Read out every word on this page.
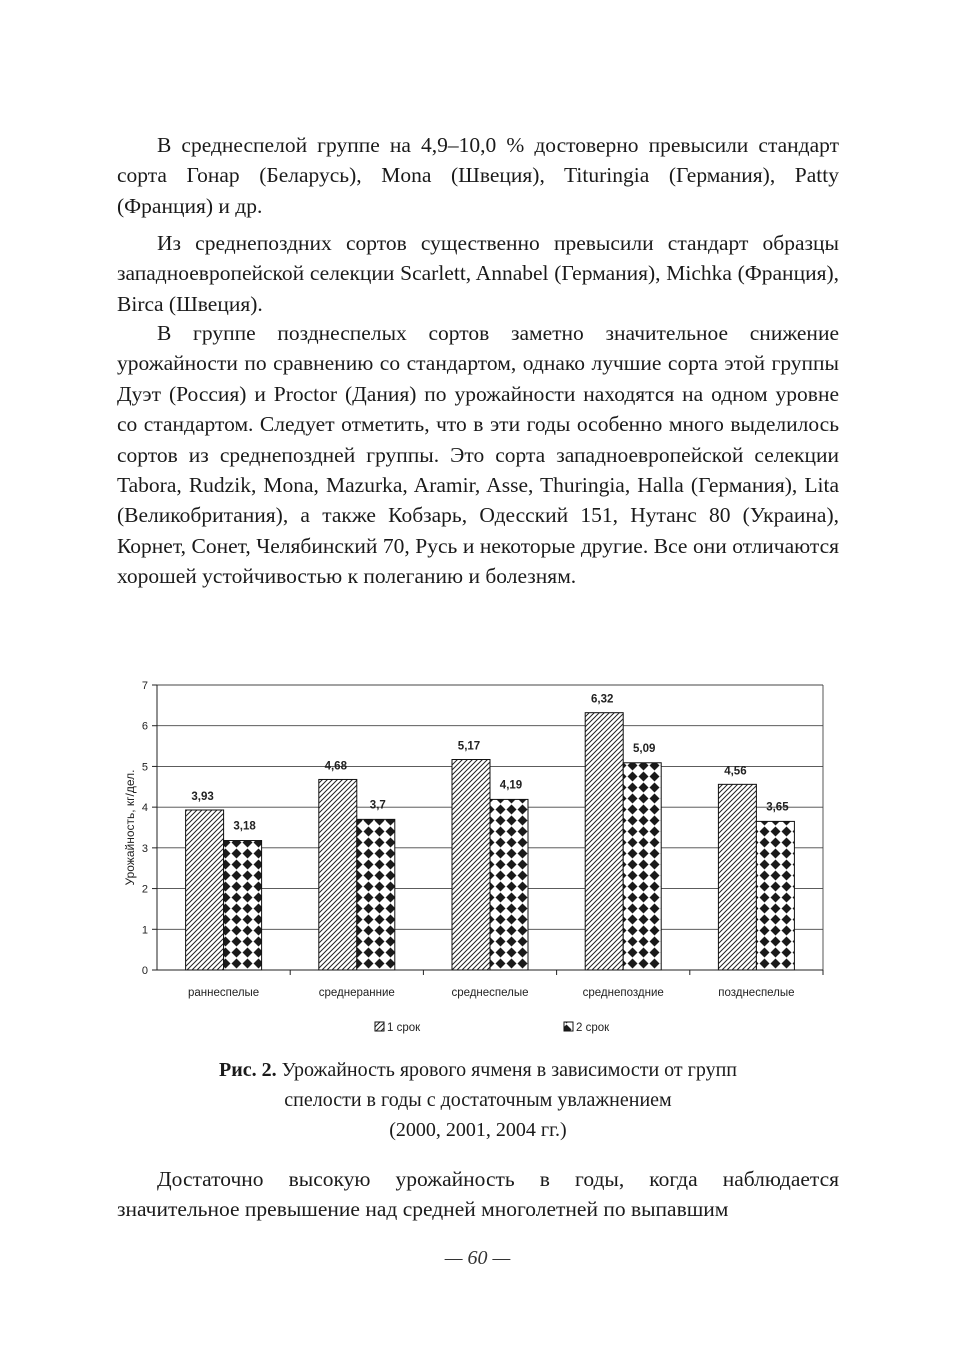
В среднеспелой группе на 4,9–10,0 % достоверно превысили стандарт сорта Гонар (Беларусь), Mona (Швеция), Tituringia (Германия), Patty (Франция) и др.

Из среднепоздних сортов существенно превысили стандарт образцы западноевропейской селекции Scarlett, Annabel (Германия), Michka (Франция), Birca (Швеция).

В группе позднеспелых сортов заметно значительное снижение урожайности по сравнению со стандартом, однако лучшие сорта этой группы Дуэт (Россия) и Proctor (Дания) по урожайности находятся на одном уровне со стандартом. Следует отметить, что в эти годы особенно много выделилось сортов из среднепоздней группы. Это сорта западноевропейской селекции Tabora, Rudzik, Mona, Mazurka, Aramir, Asse, Thuringia, Halla (Германия), Lita (Великобритания), а также Кобзарь, Одесский 151, Нутанс 80 (Украина), Корнет, Сонет, Челябинский 70, Русь и некоторые другие. Все они отличаются хорошей устойчивостью к полеганию и болезням.

0
1
2
3
4
5
6
7
Урожайность, кг/дел.
раннеспелые	среднеранние	среднеспелые	среднепоздние	позднеспелые
3,93
3,18
4,68
3,7
5,17
4,19
6,32
5,09
4,56
3,65
1 срок	2 срок
Рис. 2. Урожайность ярового ячменя в зависимости от групп
спелости в годы с достаточным увлажнением
(2000, 2001, 2004 гг.)

Достаточно высокую урожайность в годы, когда наблюдается значительное превышение над средней многолетней по выпавшим

— 60 —
